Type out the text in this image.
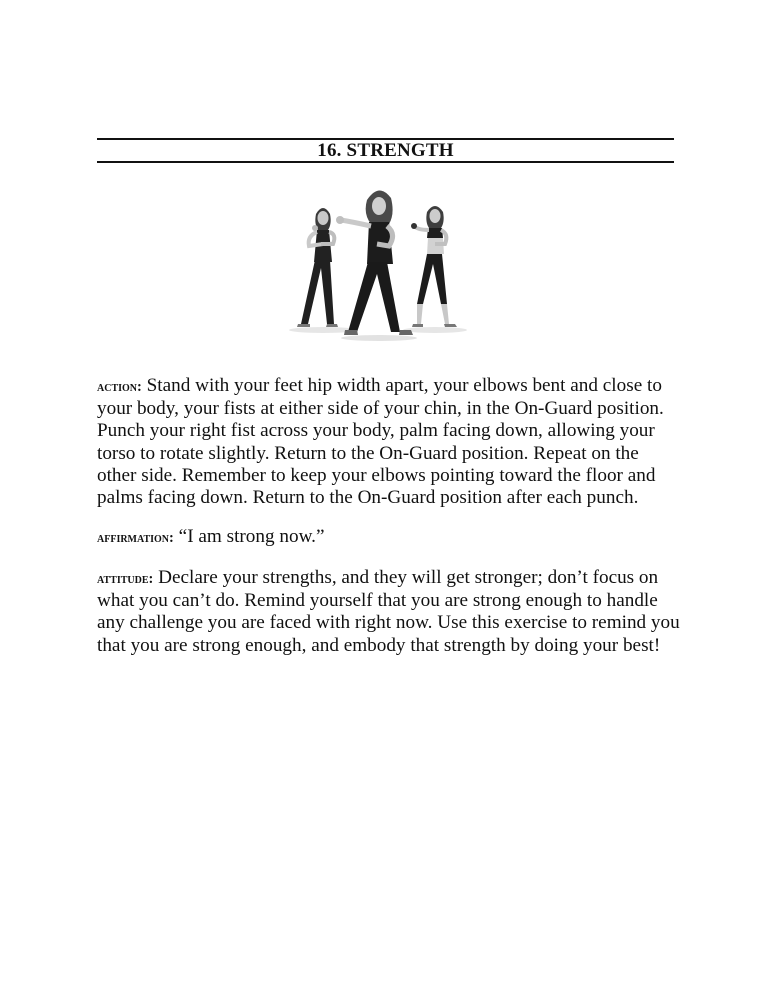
16. STRENGTH

action: Stand with your feet hip width apart, your elbows bent and close to
your body, your fists at either side of your chin, in the On-Guard position.
Punch your right fist across your body, palm facing down, allowing your
torso to rotate slightly. Return to the On-Guard position. Repeat on the
other side. Remember to keep your elbows pointing toward the floor and
palms facing down. Return to the On-Guard position after each punch.

affirmation: “I am strong now.”

attitude: Declare your strengths, and they will get stronger; don’t focus on
what you can’t do. Remind yourself that you are strong enough to handle
any challenge you are faced with right now. Use this exercise to remind you
that you are strong enough, and embody that strength by doing your best!
